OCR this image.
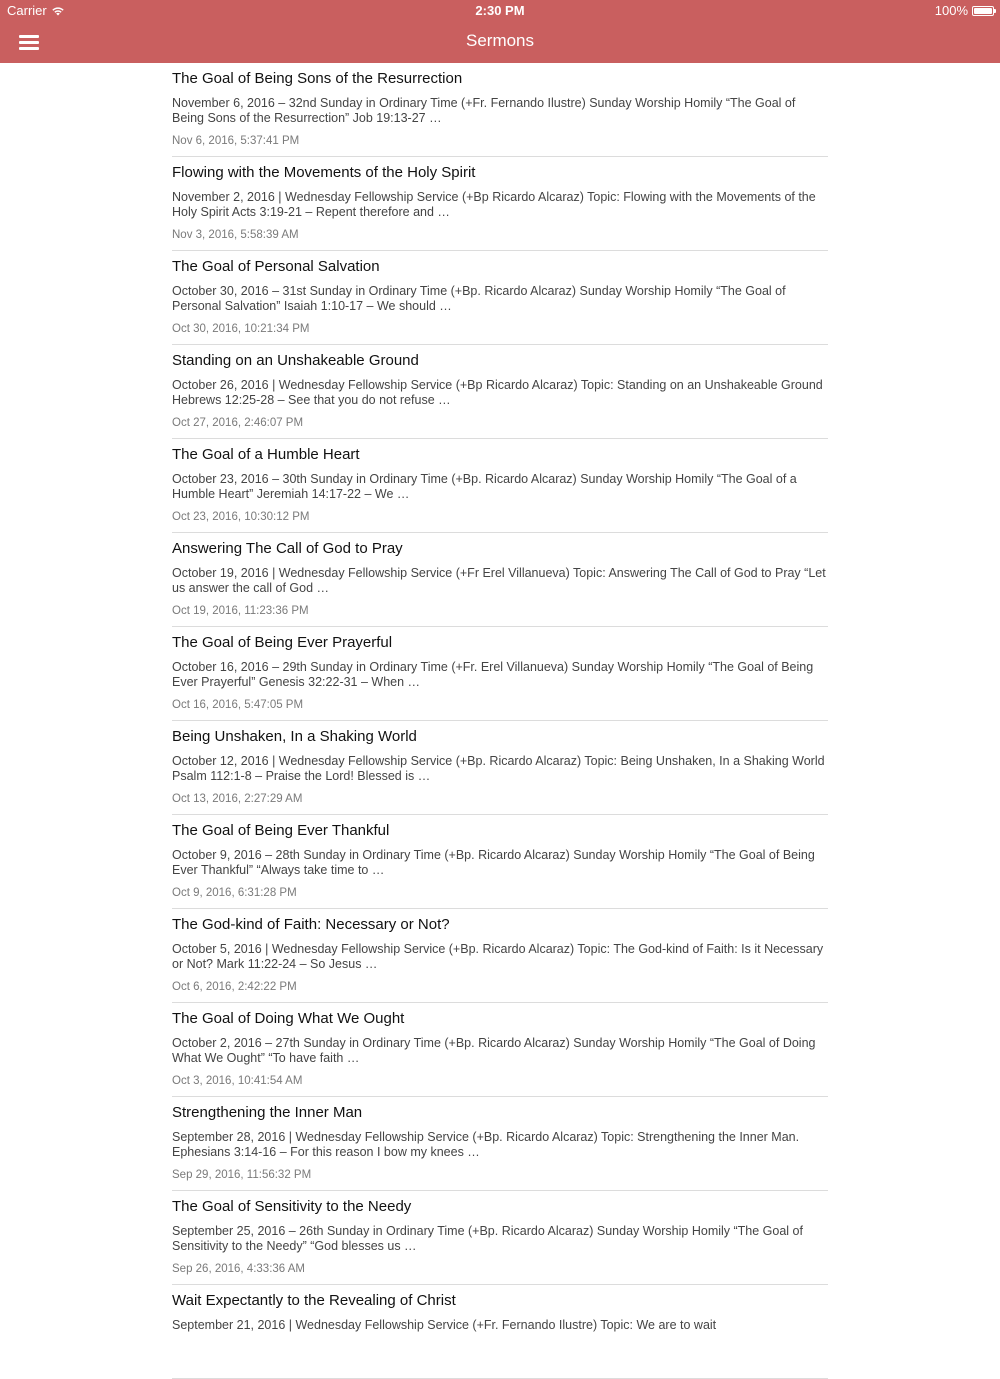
Carrier	2:30 PM	100%
Sermons
The Goal of Being Sons of the Resurrection
November 6, 2016 – 32nd Sunday in Ordinary Time (+Fr. Fernando Ilustre) Sunday Worship Homily “The Goal of Being Sons of the Resurrection” Job 19:13-27 …
Nov 6, 2016, 5:37:41 PM
Flowing with the Movements of the Holy Spirit
November 2, 2016 | Wednesday Fellowship Service (+Bp Ricardo Alcaraz) Topic: Flowing with the Movements of the Holy Spirit Acts 3:19-21 – Repent therefore and …
Nov 3, 2016, 5:58:39 AM
The Goal of Personal Salvation
October 30, 2016 – 31st Sunday in Ordinary Time (+Bp. Ricardo Alcaraz) Sunday Worship Homily “The Goal of Personal Salvation” Isaiah 1:10-17 – We should …
Oct 30, 2016, 10:21:34 PM
Standing on an Unshakeable Ground
October 26, 2016 | Wednesday Fellowship Service (+Bp Ricardo Alcaraz) Topic: Standing on an Unshakeable Ground Hebrews 12:25-28 – See that you do not refuse …
Oct 27, 2016, 2:46:07 PM
The Goal of a Humble Heart
October 23, 2016 – 30th Sunday in Ordinary Time (+Bp. Ricardo Alcaraz) Sunday Worship Homily “The Goal of a Humble Heart” Jeremiah 14:17-22 – We …
Oct 23, 2016, 10:30:12 PM
Answering The Call of God to Pray
October 19, 2016 | Wednesday Fellowship Service (+Fr Erel Villanueva) Topic: Answering The Call of God to Pray “Let us answer the call of God …
Oct 19, 2016, 11:23:36 PM
The Goal of Being Ever Prayerful
October 16, 2016 – 29th Sunday in Ordinary Time (+Fr. Erel Villanueva) Sunday Worship Homily “The Goal of Being Ever Prayerful” Genesis 32:22-31 – When …
Oct 16, 2016, 5:47:05 PM
Being Unshaken, In a Shaking World
October 12, 2016 | Wednesday Fellowship Service (+Bp. Ricardo Alcaraz) Topic: Being Unshaken, In a Shaking World Psalm 112:1-8 – Praise the Lord! Blessed is …
Oct 13, 2016, 2:27:29 AM
The Goal of Being Ever Thankful
October 9, 2016 – 28th Sunday in Ordinary Time (+Bp. Ricardo Alcaraz) Sunday Worship Homily “The Goal of Being Ever Thankful” “Always take time to …
Oct 9, 2016, 6:31:28 PM
The God-kind of Faith: Necessary or Not?
October 5, 2016 | Wednesday Fellowship Service (+Bp. Ricardo Alcaraz) Topic: The God-kind of Faith: Is it Necessary or Not? Mark 11:22-24 – So Jesus …
Oct 6, 2016, 2:42:22 PM
The Goal of Doing What We Ought
October 2, 2016 – 27th Sunday in Ordinary Time (+Bp. Ricardo Alcaraz) Sunday Worship Homily “The Goal of Doing What We Ought” “To have faith …
Oct 3, 2016, 10:41:54 AM
Strengthening the Inner Man
September 28, 2016 | Wednesday Fellowship Service (+Bp. Ricardo Alcaraz) Topic: Strengthening the Inner Man. Ephesians 3:14-16 – For this reason I bow my knees …
Sep 29, 2016, 11:56:32 PM
The Goal of Sensitivity to the Needy
September 25, 2016 – 26th Sunday in Ordinary Time (+Bp. Ricardo Alcaraz) Sunday Worship Homily “The Goal of Sensitivity to the Needy” “God blesses us …
Sep 26, 2016, 4:33:36 AM
Wait Expectantly to the Revealing of Christ
September 21, 2016 | Wednesday Fellowship Service (+Fr. Fernando Ilustre) Topic: We are to wait
